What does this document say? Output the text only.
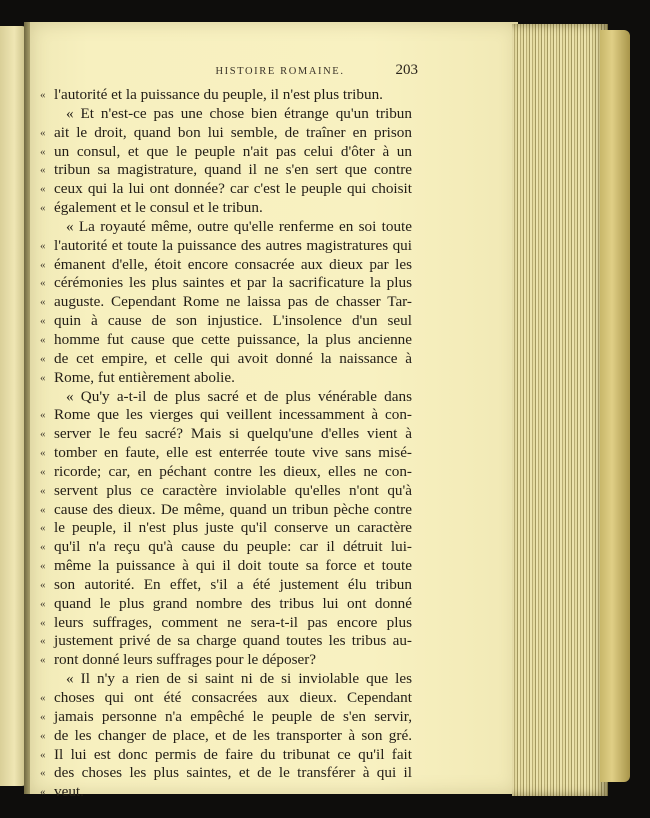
HISTOIRE ROMAINE.	203
« l'autorité et la puissance du peuple, il n'est plus tribun.
« Et n'est-ce pas une chose bien étrange qu'un tribun
« ait le droit, quand bon lui semble, de traîner en prison
« un consul, et que le peuple n'ait pas celui d'ôter à un
« tribun sa magistrature, quand il ne s'en sert que contre
« ceux qui la lui ont donnée? car c'est le peuple qui choisit
« également et le consul et le tribun.
« La royauté même, outre qu'elle renferme en soi toute
« l'autorité et toute la puissance des autres magistratures qui
« émanent d'elle, étoit encore consacrée aux dieux par les
« cérémonies les plus saintes et par la sacrificature la plus
« auguste. Cependant Rome ne laissa pas de chasser Tar-
« quin à cause de son injustice. L'insolence d'un seul
« homme fut cause que cette puissance, la plus ancienne
« de cet empire, et celle qui avoit donné la naissance à
« Rome, fut entièrement abolie.
« Qu'y a-t-il de plus sacré et de plus vénérable dans
« Rome que les vierges qui veillent incessamment à con-
« server le feu sacré? Mais si quelqu'une d'elles vient à
« tomber en faute, elle est enterrée toute vive sans misé-
« ricorde; car, en péchant contre les dieux, elles ne con-
« servent plus ce caractère inviolable qu'elles n'ont qu'à
« cause des dieux. De même, quand un tribun pèche contre
« le peuple, il n'est plus juste qu'il conserve un caractère
« qu'il n'a reçu qu'à cause du peuple: car il détruit lui-
« même la puissance à qui il doit toute sa force et toute
« son autorité. En effet, s'il a été justement élu tribun
« quand le plus grand nombre des tribus lui ont donné
« leurs suffrages, comment ne sera-t-il pas encore plus
« justement privé de sa charge quand toutes les tribus au-
« ront donné leurs suffrages pour le déposer?
« Il n'y a rien de si saint ni de si inviolable que les
« choses qui ont été consacrées aux dieux. Cependant
« jamais personne n'a empêché le peuple de s'en servir,
« de les changer de place, et de les transporter à son gré.
« Il lui est donc permis de faire du tribunat ce qu'il fait
« des choses les plus saintes, et de le transférer à qui il
« veut.
